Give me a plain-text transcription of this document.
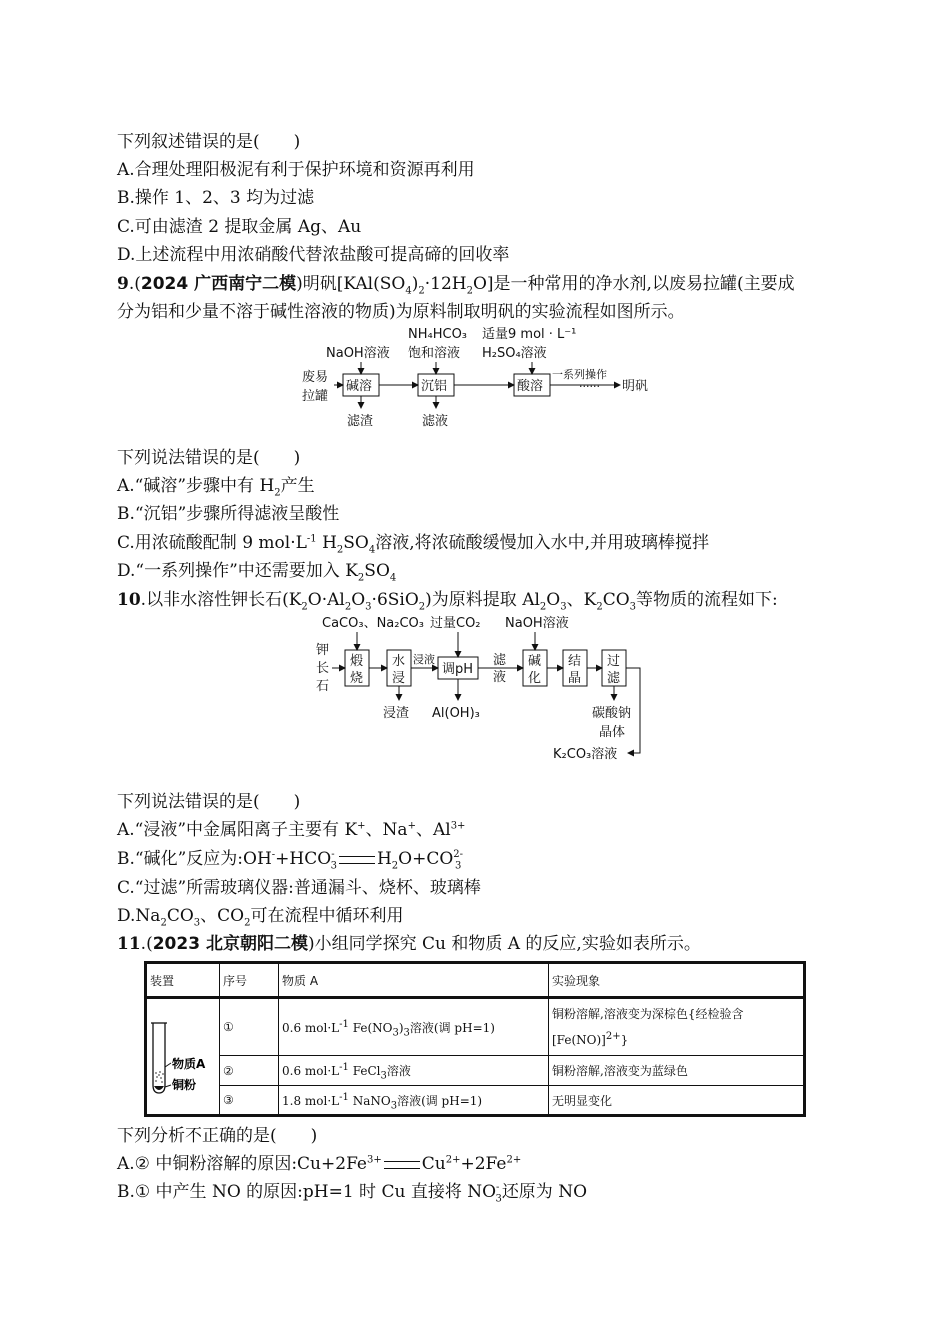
下列叙述错误的是(　　)
A.合理处理阳极泥有利于保护环境和资源再利用
B.操作 1、2、3 均为过滤
C.可由滤渣 2 提取金属 Ag、Au
D.上述流程中用浓硝酸代替浓盐酸可提高碲的回收率
9.(2024 广西南宁二模)明矾$[KAl(SO_4)_2\cdot 12H_2O]$是一种常用的净水剂,以废易拉罐(主要成
分为铝和少量不溶于碱性溶液的物质)为原料制取明矾的实验流程如图所示。
废易
拉罐
碱溶	沉铝	酸溶
NaOH溶液
NH₄HCO₃
饱和溶液
适量9 mol · L⁻¹
H₂SO₄溶液
滤渣	滤液
一系列操作
······ 明矾
下列说法错误的是(　　)
A.“碱溶”步骤中有 $H_2$产生
B.“沉铝”步骤所得滤液呈酸性
C.用浓硫酸配制 9 $mol\cdot L^{-1}$ $H_2SO_4$溶液,将浓硫酸缓慢加入水中,并用玻璃棒搅拌
D.“一系列操作”中还需要加入 $K_2SO_4$
10.以非水溶性钾长石$(K_2O\cdot Al_2O_3\cdot 6SiO_2)$为原料提取 $Al_2O_3$、$K_2CO_3$等物质的流程如下:
钾
长
石
CaCO₃、Na₂CO₃ 过量CO₂ NaOH溶液
煅
烧
水
浸
调pH
碱
化
结
晶
过
滤
浸液	滤
液
浸渣 Al(OH)₃	碳酸钠
晶体
K₂CO₃溶液
下列说法错误的是(　　)
A.“浸液”中金属阳离子主要有 K+、Na+、$Al^{3+}$
B.“碱化”反应为$:OH^-+HCO^-_3$ $H_2O+CO^{2-}_3$
C.“过滤”所需玻璃仪器:普通漏斗、烧杯、玻璃棒
$D.Na_2CO_3$、$CO_2$可在流程中循环利用
11.(2023 北京朝阳二模)小组同学探究 Cu 和物质 A 的反应,实验如表所示。
装置	序号	物质 A	实验现象

物质A
铜粉	①	0.6 $mol\cdot L^{-1}$ $Fe(NO_3)_3$溶液(调 pH=1)	铜粉溶解,溶液变为深棕色{经检验含
$[Fe(NO)]^{2+}$}
	②	0.6 $mol\cdot L^{-1}$ FeCl$_3$溶液	铜粉溶解,溶液变为蓝绿色
	③	1.8 $mol\cdot L^{-1}$ NaNO$_3$溶液(调 pH=1)	无明显变化
下列分析不正确的是(　　)
A.② 中铜粉溶解的原因$:Cu+2Fe^{3+}$ $Cu^{2+}+2Fe^{2+}$
B.① 中产生 NO 的原因:pH=1 时 Cu 直接将 $NO^-_3$还原为 NO
